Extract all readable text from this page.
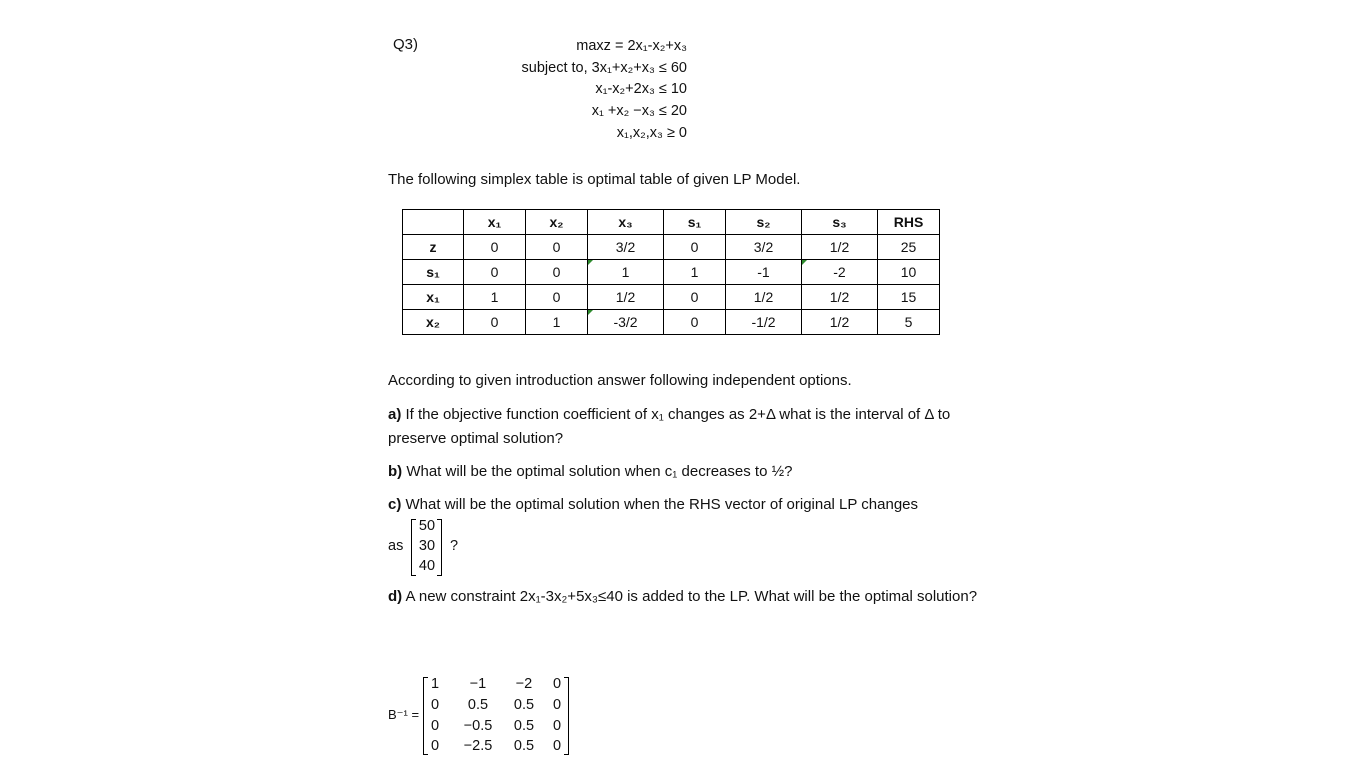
Q3)	maxz = 2x₁-x₂+x₃
subject to, 3x₁+x₂+x₃ ≤ 60
x₁-x₂+2x₃ ≤ 10
x₁ +x₂ −x₃ ≤ 20
x₁,x₂,x₃ ≥ 0
The following simplex table is optimal table of given LP Model.
	x₁	x₂	x₃	s₁	s₂	s₃	RHS
z	0	0	3/2	0	3/2	1/2	25
s₁	0	0	1	1	-1	-2	10
x₁	1	0	1/2	0	1/2	1/2	15
x₂	0	1	-3/2	0	-1/2	1/2	5
According to given introduction answer following independent options.
a) If the objective function coefficient of x₁ changes as 2+Δ what is the interval of Δ to preserve optimal solution?
b) What will be the optimal solution when c₁ decreases to ½?
c) What will be the optimal solution when the RHS vector of original LP changes
as
50
30
40
?
d) A new constraint 2x₁-3x₂+5x₃≤40 is added to the LP. What will be the optimal solution?
B⁻¹ =
1	−1	−2	0
0	0.5	0.5	0
0	−0.5	0.5	0
0	−2.5	0.5	0
